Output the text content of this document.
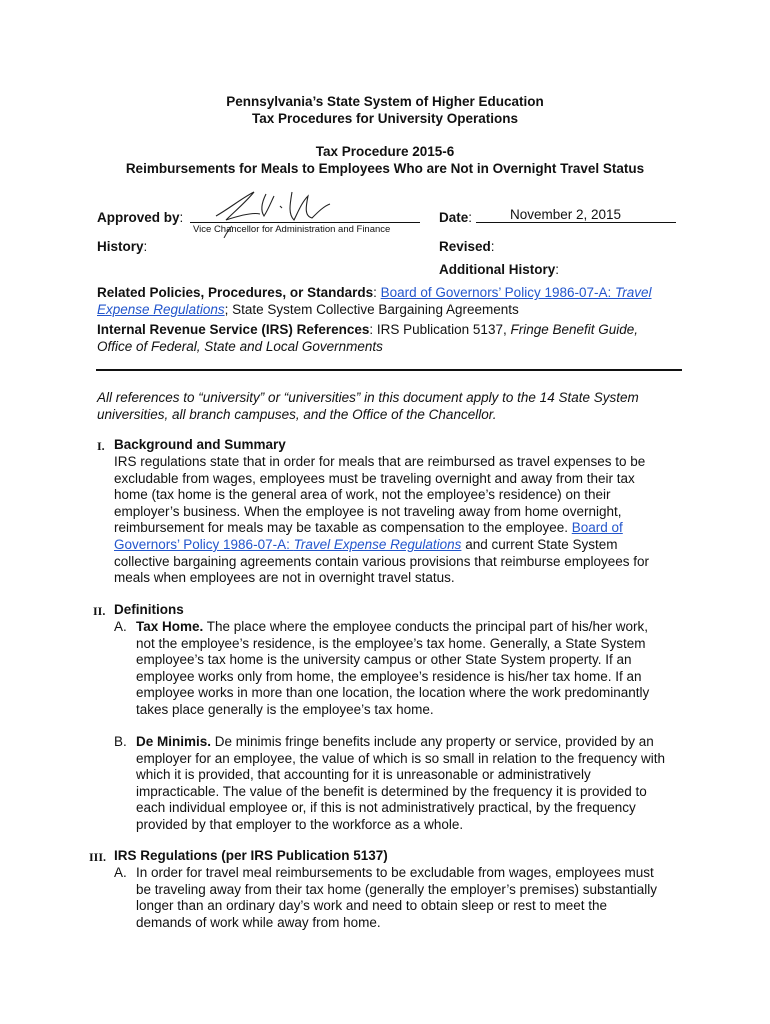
Pennsylvania’s State System of Higher Education
Tax Procedures for University Operations
Tax Procedure 2015-6
Reimbursements for Meals to Employees Who are Not in Overnight Travel Status
Approved by:
Vice Chancellor for Administration and Finance
Date:	November 2, 2015
History:	Revised:
Additional History:
Related Policies, Procedures, or Standards: Board of Governors’ Policy 1986-07-A: Travel
Expense Regulations; State System Collective Bargaining Agreements
Internal Revenue Service (IRS) References: IRS Publication 5137, Fringe Benefit Guide,
Office of Federal, State and Local Governments
All references to “university” or “universities” in this document apply to the 14 State System
universities, all branch campuses, and the Office of the Chancellor.
I. Background and Summary
IRS regulations state that in order for meals that are reimbursed as travel expenses to be
excludable from wages, employees must be traveling overnight and away from their tax
home (tax home is the general area of work, not the employee’s residence) on their
employer’s business. When the employee is not traveling away from home overnight,
reimbursement for meals may be taxable as compensation to the employee. Board of
Governors’ Policy 1986-07-A: Travel Expense Regulations and current State System
collective bargaining agreements contain various provisions that reimburse employees for
meals when employees are not in overnight travel status.
II. Definitions
A. Tax Home. The place where the employee conducts the principal part of his/her work,
not the employee’s residence, is the employee’s tax home. Generally, a State System
employee’s tax home is the university campus or other State System property. If an
employee works only from home, the employee’s residence is his/her tax home. If an
employee works in more than one location, the location where the work predominantly
takes place generally is the employee’s tax home.
B. De Minimis. De minimis fringe benefits include any property or service, provided by an
employer for an employee, the value of which is so small in relation to the frequency with
which it is provided, that accounting for it is unreasonable or administratively
impracticable. The value of the benefit is determined by the frequency it is provided to
each individual employee or, if this is not administratively practical, by the frequency
provided by that employer to the workforce as a whole.
III. IRS Regulations (per IRS Publication 5137)
A. In order for travel meal reimbursements to be excludable from wages, employees must
be traveling away from their tax home (generally the employer’s premises) substantially
longer than an ordinary day’s work and need to obtain sleep or rest to meet the
demands of work while away from home.
